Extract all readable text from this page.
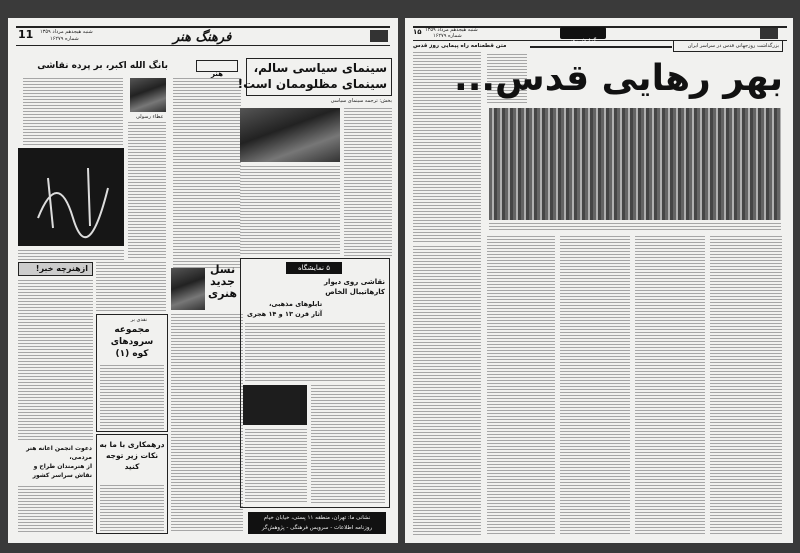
11 شنبه هیجدهم مرداد ۱۳۵۹
شماره ۱۶۲۷۹	فرهنگ هنر
هنر
بانگ الله اکبر، بر پرده نقاشی
عطاء رسولی
ازهنرچه خبر!
دعوت انجمن اعانه هنر مردمی،
از هنرمندان طراح و نقاش سراسر کشور
نقدی بر
مجموعه سرودهای
کوه (۱)
درهمکاری با ما به
نکات زیر توجه کنید
نسل
جدید
هنری
سینمای سیاسی سالم،
سینمای مظلوممان است!
بخش: ترجمه سینمای سیاسی
۵ نمایشگاه
نقاشی روی دیوار
کارهاتیبال الخاص
تابلوهای مذهبی،
آثار قرن ۱۳ و ۱۴ هجری
نشانی ما: تهران، منطقه ۱۱ پستی، خیابان خیام
روزنامه اطلاعات - سرویس فرهنگی - پژوهش‌گر
۱۵ شنبه هیجدهم مرداد ۱۳۵۹
شماره ۱۶۲۷۹
گزارش روز
متن قطعنامه راه پیمایی روز قدس	بزرگداشت روزجهانی قدس در سراسر ایران
بهر رهایی قدس...
